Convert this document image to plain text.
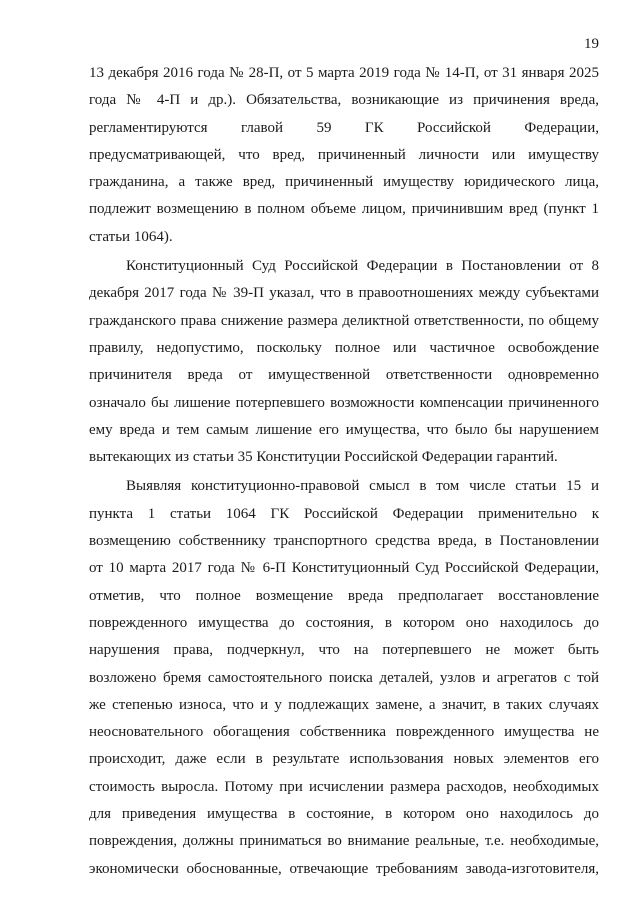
19
13 декабря 2016 года № 28-П, от 5 марта 2019 года № 14-П, от 31 января 2025
года № 4-П и др.). Обязательства, возникающие из причинения вреда,
регламентируются главой 59 ГК Российской Федерации,
предусматривающей, что вред, причиненный личности или имуществу
гражданина, а также вред, причиненный имуществу юридического лица,
подлежит возмещению в полном объеме лицом, причинившим вред (пункт 1
статьи 1064).
Конституционный Суд Российской Федерации в Постановлении от 8
декабря 2017 года № 39-П указал, что в правоотношениях между субъектами
гражданского права снижение размера деликтной ответственности, по общему
правилу, недопустимо, поскольку полное или частичное освобождение
причинителя вреда от имущественной ответственности одновременно
означало бы лишение потерпевшего возможности компенсации причиненного
ему вреда и тем самым лишение его имущества, что было бы нарушением
вытекающих из статьи 35 Конституции Российской Федерации гарантий.
Выявляя конституционно-правовой смысл в том числе статьи 15 и
пункта 1 статьи 1064 ГК Российской Федерации применительно к
возмещению собственнику транспортного средства вреда, в Постановлении
от 10 марта 2017 года № 6-П Конституционный Суд Российской Федерации,
отметив, что полное возмещение вреда предполагает восстановление
поврежденного имущества до состояния, в котором оно находилось до
нарушения права, подчеркнул, что на потерпевшего не может быть
возложено бремя самостоятельного поиска деталей, узлов и агрегатов с той
же степенью износа, что и у подлежащих замене, а значит, в таких случаях
неосновательного обогащения собственника поврежденного имущества не
происходит, даже если в результате использования новых элементов его
стоимость выросла. Потому при исчислении размера расходов, необходимых
для приведения имущества в состояние, в котором оно находилось до
повреждения, должны приниматься во внимание реальные, т.е. необходимые,
экономически обоснованные, отвечающие требованиям завода-изготовителя,
